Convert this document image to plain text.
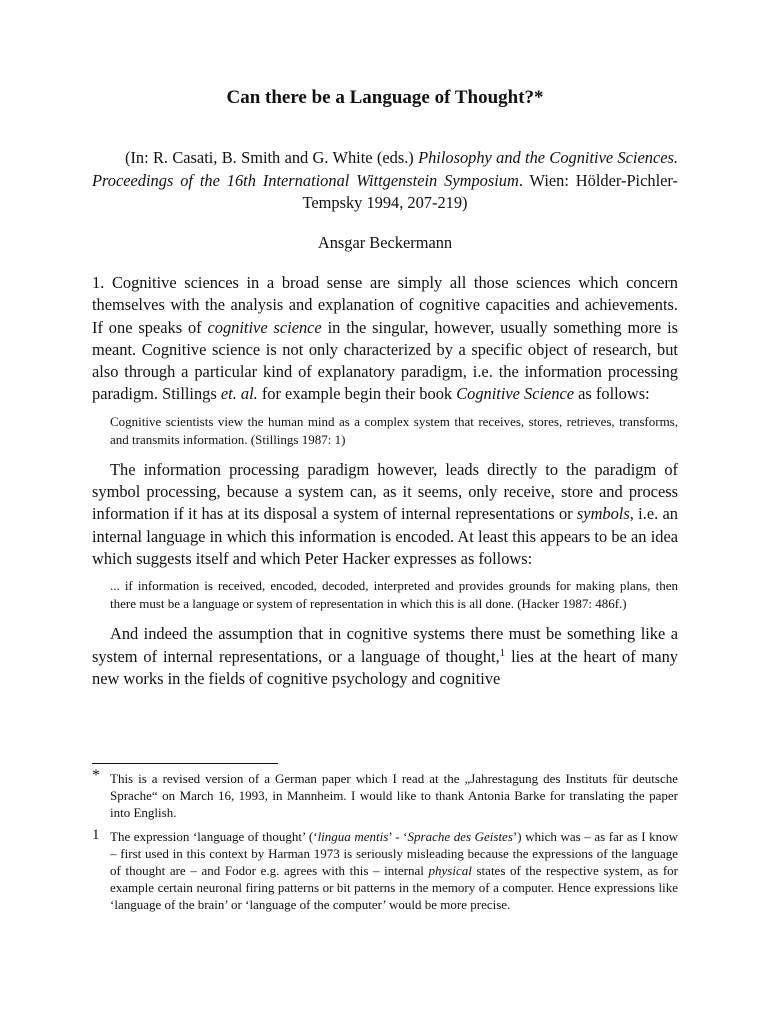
Can there be a Language of Thought?*

(In: R. Casati, B. Smith and G. White (eds.) Philosophy and the Cognitive Sciences. Proceedings of the 16th International Wittgenstein Symposium. Wien: Hölder-Pichler-Tempsky 1994, 207-219)

Ansgar Beckermann

1. Cognitive sciences in a broad sense are simply all those sciences which concern themselves with the analysis and explanation of cognitive capacities and achievements. If one speaks of cognitive science in the singular, however, usually something more is meant. Cognitive science is not only characterized by a specific object of research, but also through a particular kind of explanatory paradigm, i.e. the information processing paradigm. Stillings et. al. for example begin their book Cognitive Science as follows:

Cognitive scientists view the human mind as a complex system that receives, stores, retrieves, transforms, and transmits information. (Stillings 1987: 1)

The information processing paradigm however, leads directly to the paradigm of symbol processing, because a system can, as it seems, only receive, store and process information if it has at its disposal a system of internal representations or symbols, i.e. an internal language in which this information is encoded. At least this appears to be an idea which suggests itself and which Peter Hacker expresses as follows:

... if information is received, encoded, decoded, interpreted and provides grounds for making plans, then there must be a language or system of representation in which this is all done. (Hacker 1987: 486f.)

And indeed the assumption that in cognitive systems there must be something like a system of internal representations, or a language of thought,$^1$ lies at the heart of many new works in the fields of cognitive psychology and cognitive

* This is a revised version of a German paper which I read at the „Jahrestagung des Instituts für deutsche Sprache“ on March 16, 1993, in Mannheim. I would like to thank Antonia Barke for translating the paper into English.

1 The expression ‘language of thought’ (‘lingua mentis’ - ‘Sprache des Geistes’) which was – as far as I know – first used in this context by Harman 1973 is seriously misleading because the expressions of the language of thought are – and Fodor e.g. agrees with this – internal physical states of the respective system, as for example certain neuronal firing patterns or bit patterns in the memory of a computer. Hence expressions like ‘language of the brain’ or ‘language of the computer’ would be more precise.
